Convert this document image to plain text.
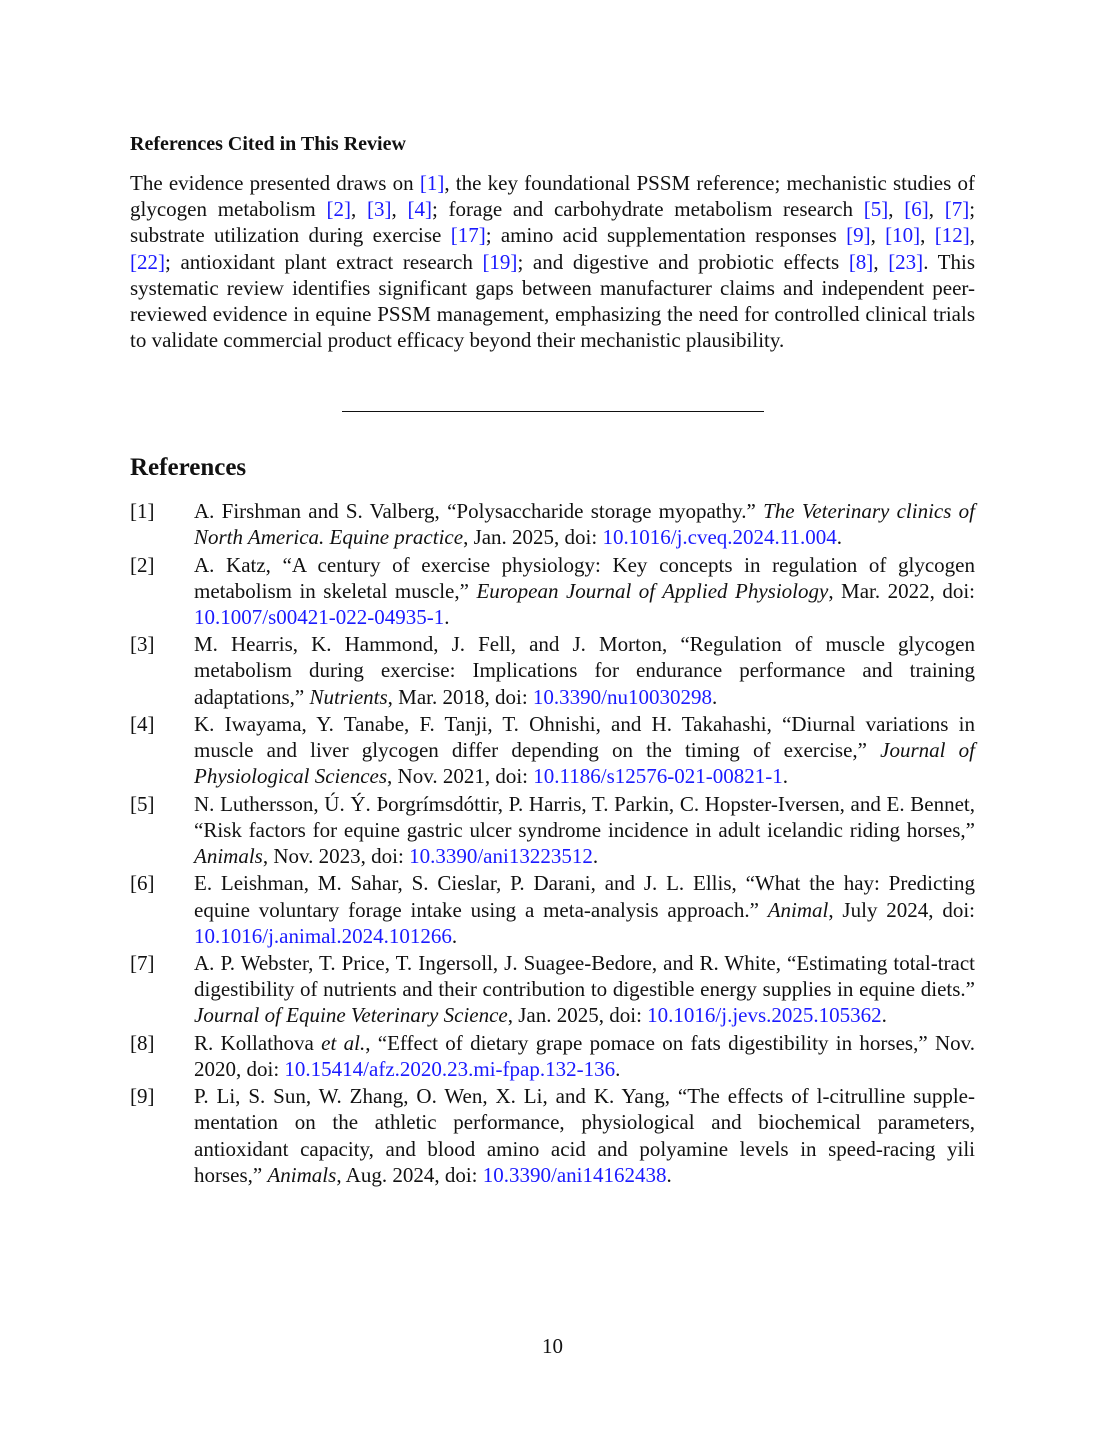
References Cited in This Review

The evidence presented draws on [1], the key foundational PSSM reference; mechanistic studies of glycogen metabolism [2], [3], [4]; forage and carbohydrate metabolism research [5], [6], [7]; substrate utilization during exercise [17]; amino acid supplementation responses [9], [10], [12], [22]; antioxidant plant extract research [19]; and digestive and probiotic effects [8], [23]. This systematic review identifies significant gaps between manufacturer claims and independent peer-reviewed evidence in equine PSSM management, emphasizing the need for controlled clinical trials to validate commercial product efficacy beyond their mechanistic plausibility.

References
[1] A. Firshman and S. Valberg, “Polysaccharide storage myopathy.” The Veterinary clinics of North America. Equine practice, Jan. 2025, doi: 10.1016/j.cveq.2024.11.004.
[2] A. Katz, “A century of exercise physiology: Key concepts in regulation of glycogen metabolism in skeletal muscle,” European Journal of Applied Physiology, Mar. 2022, doi: 10.1007/s00421-022-04935-1.
[3] M. Hearris, K. Hammond, J. Fell, and J. Morton, “Regulation of muscle glycogen metabolism during exercise: Implications for endurance performance and training adaptations,” Nutrients, Mar. 2018, doi: 10.3390/nu10030298.
[4] K. Iwayama, Y. Tanabe, F. Tanji, T. Ohnishi, and H. Takahashi, “Diurnal variations in muscle and liver glycogen differ depending on the timing of exercise,” Journal of Physiological Sciences, Nov. 2021, doi: 10.1186/s12576-021-00821-1.
[5] N. Luthersson, Ú. Ý. Þorgrímsdóttir, P. Harris, T. Parkin, C. Hopster-Iversen, and E. Bennet, “Risk factors for equine gastric ulcer syndrome incidence in adult icelandic riding horses,” Animals, Nov. 2023, doi: 10.3390/ani13223512.
[6] E. Leishman, M. Sahar, S. Cieslar, P. Darani, and J. L. Ellis, “What the hay: Predicting equine voluntary forage intake using a meta-analysis approach.” Animal, July 2024, doi: 10.1016/j.animal.2024.101266.
[7] A. P. Webster, T. Price, T. Ingersoll, J. Suagee-Bedore, and R. White, “Estimating total-tract digestibility of nutrients and their contribution to digestible energy supplies in equine diets.” Journal of Equine Veterinary Science, Jan. 2025, doi: 10.1016/j.jevs.2025.105362.
[8] R. Kollathova et al., “Effect of dietary grape pomace on fats digestibility in horses,” Nov. 2020, doi: 10.15414/afz.2020.23.mi-fpap.132-136.
[9] P. Li, S. Sun, W. Zhang, O. Wen, X. Li, and K. Yang, “The effects of l-citrulline supplementation on the athletic performance, physiological and biochemical parameters, antioxidant capacity, and blood amino acid and polyamine levels in speed-racing yili horses,” Animals, Aug. 2024, doi: 10.3390/ani14162438.
10
